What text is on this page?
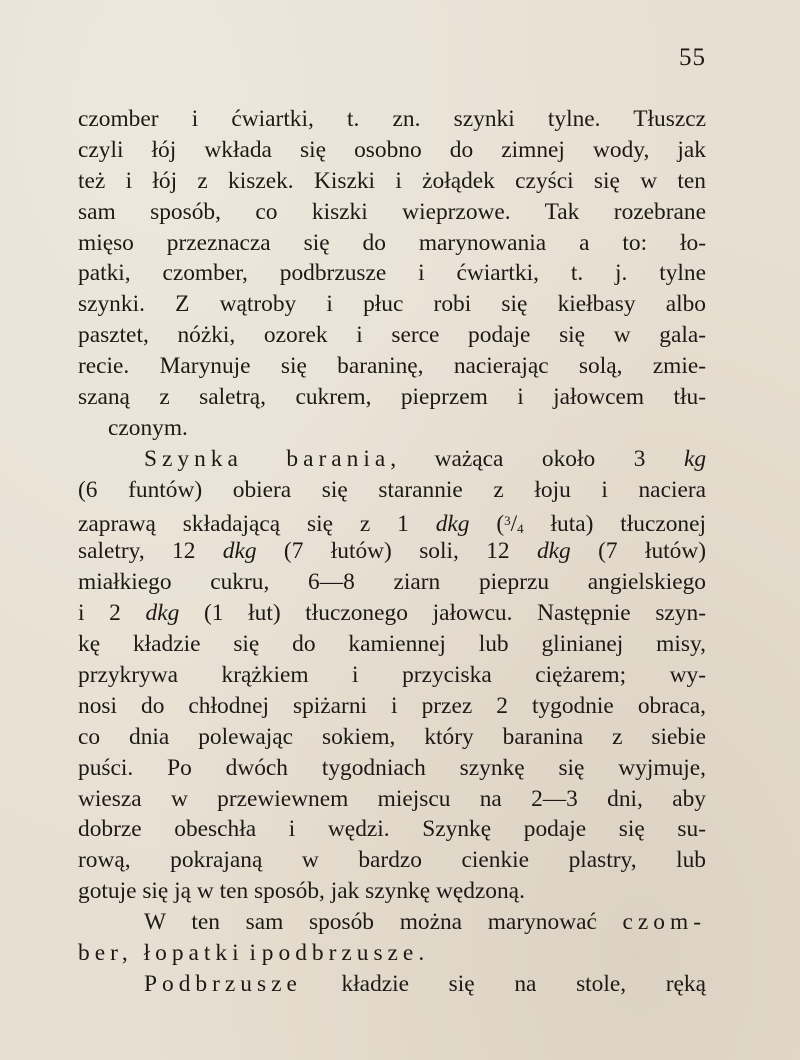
55
czomber i ćwiartki, t. zn. szynki tylne. Tłuszcz
czyli łój wkłada się osobno do zimnej wody, jak
też i łój z kiszek. Kiszki i żołądek czyści się w ten
sam sposób, co kiszki wieprzowe. Tak rozebrane
mięso przeznacza się do marynowania a to: ło-
patki, czomber, podbrzusze i ćwiartki, t. j. tylne
szynki. Z wątroby i płuc robi się kiełbasy albo
pasztet, nóżki, ozorek i serce podaje się w gala-
recie. Marynuje się baraninę, nacierając solą, zmie-
szaną z saletrą, cukrem, pieprzem i jałowcem tłu-
czonym.
Szynka barania, ważąca około 3 kg
(6 funtów) obiera się starannie z łoju i naciera
zaprawą składającą się z 1 dkg ($^3/_4$ łuta) tłuczonej
saletry, 12 dkg (7 łutów) soli, 12 dkg (7 łutów)
miałkiego cukru, 6—8 ziarn pieprzu angielskiego
i 2 dkg (1 łut) tłuczonego jałowcu. Następnie szyn-
kę kładzie się do kamiennej lub glinianej misy,
przykrywa krążkiem i przyciska ciężarem; wy-
nosi do chłodnej spiżarni i przez 2 tygodnie obraca,
co dnia polewając sokiem, który baranina z siebie
puści. Po dwóch tygodniach szynkę się wyjmuje,
wiesza w przewiewnem miejscu na 2—3 dni, aby
dobrze obeschła i wędzi. Szynkę podaje się su-
rową, pokrajaną w bardzo cienkie plastry, lub
gotuje się ją w ten sposób, jak szynkę wędzoną.
W ten sam sposób można marynować czom-
ber, łopatki i podbrzusze.
Podbrzusze kładzie się na stole, ręką
